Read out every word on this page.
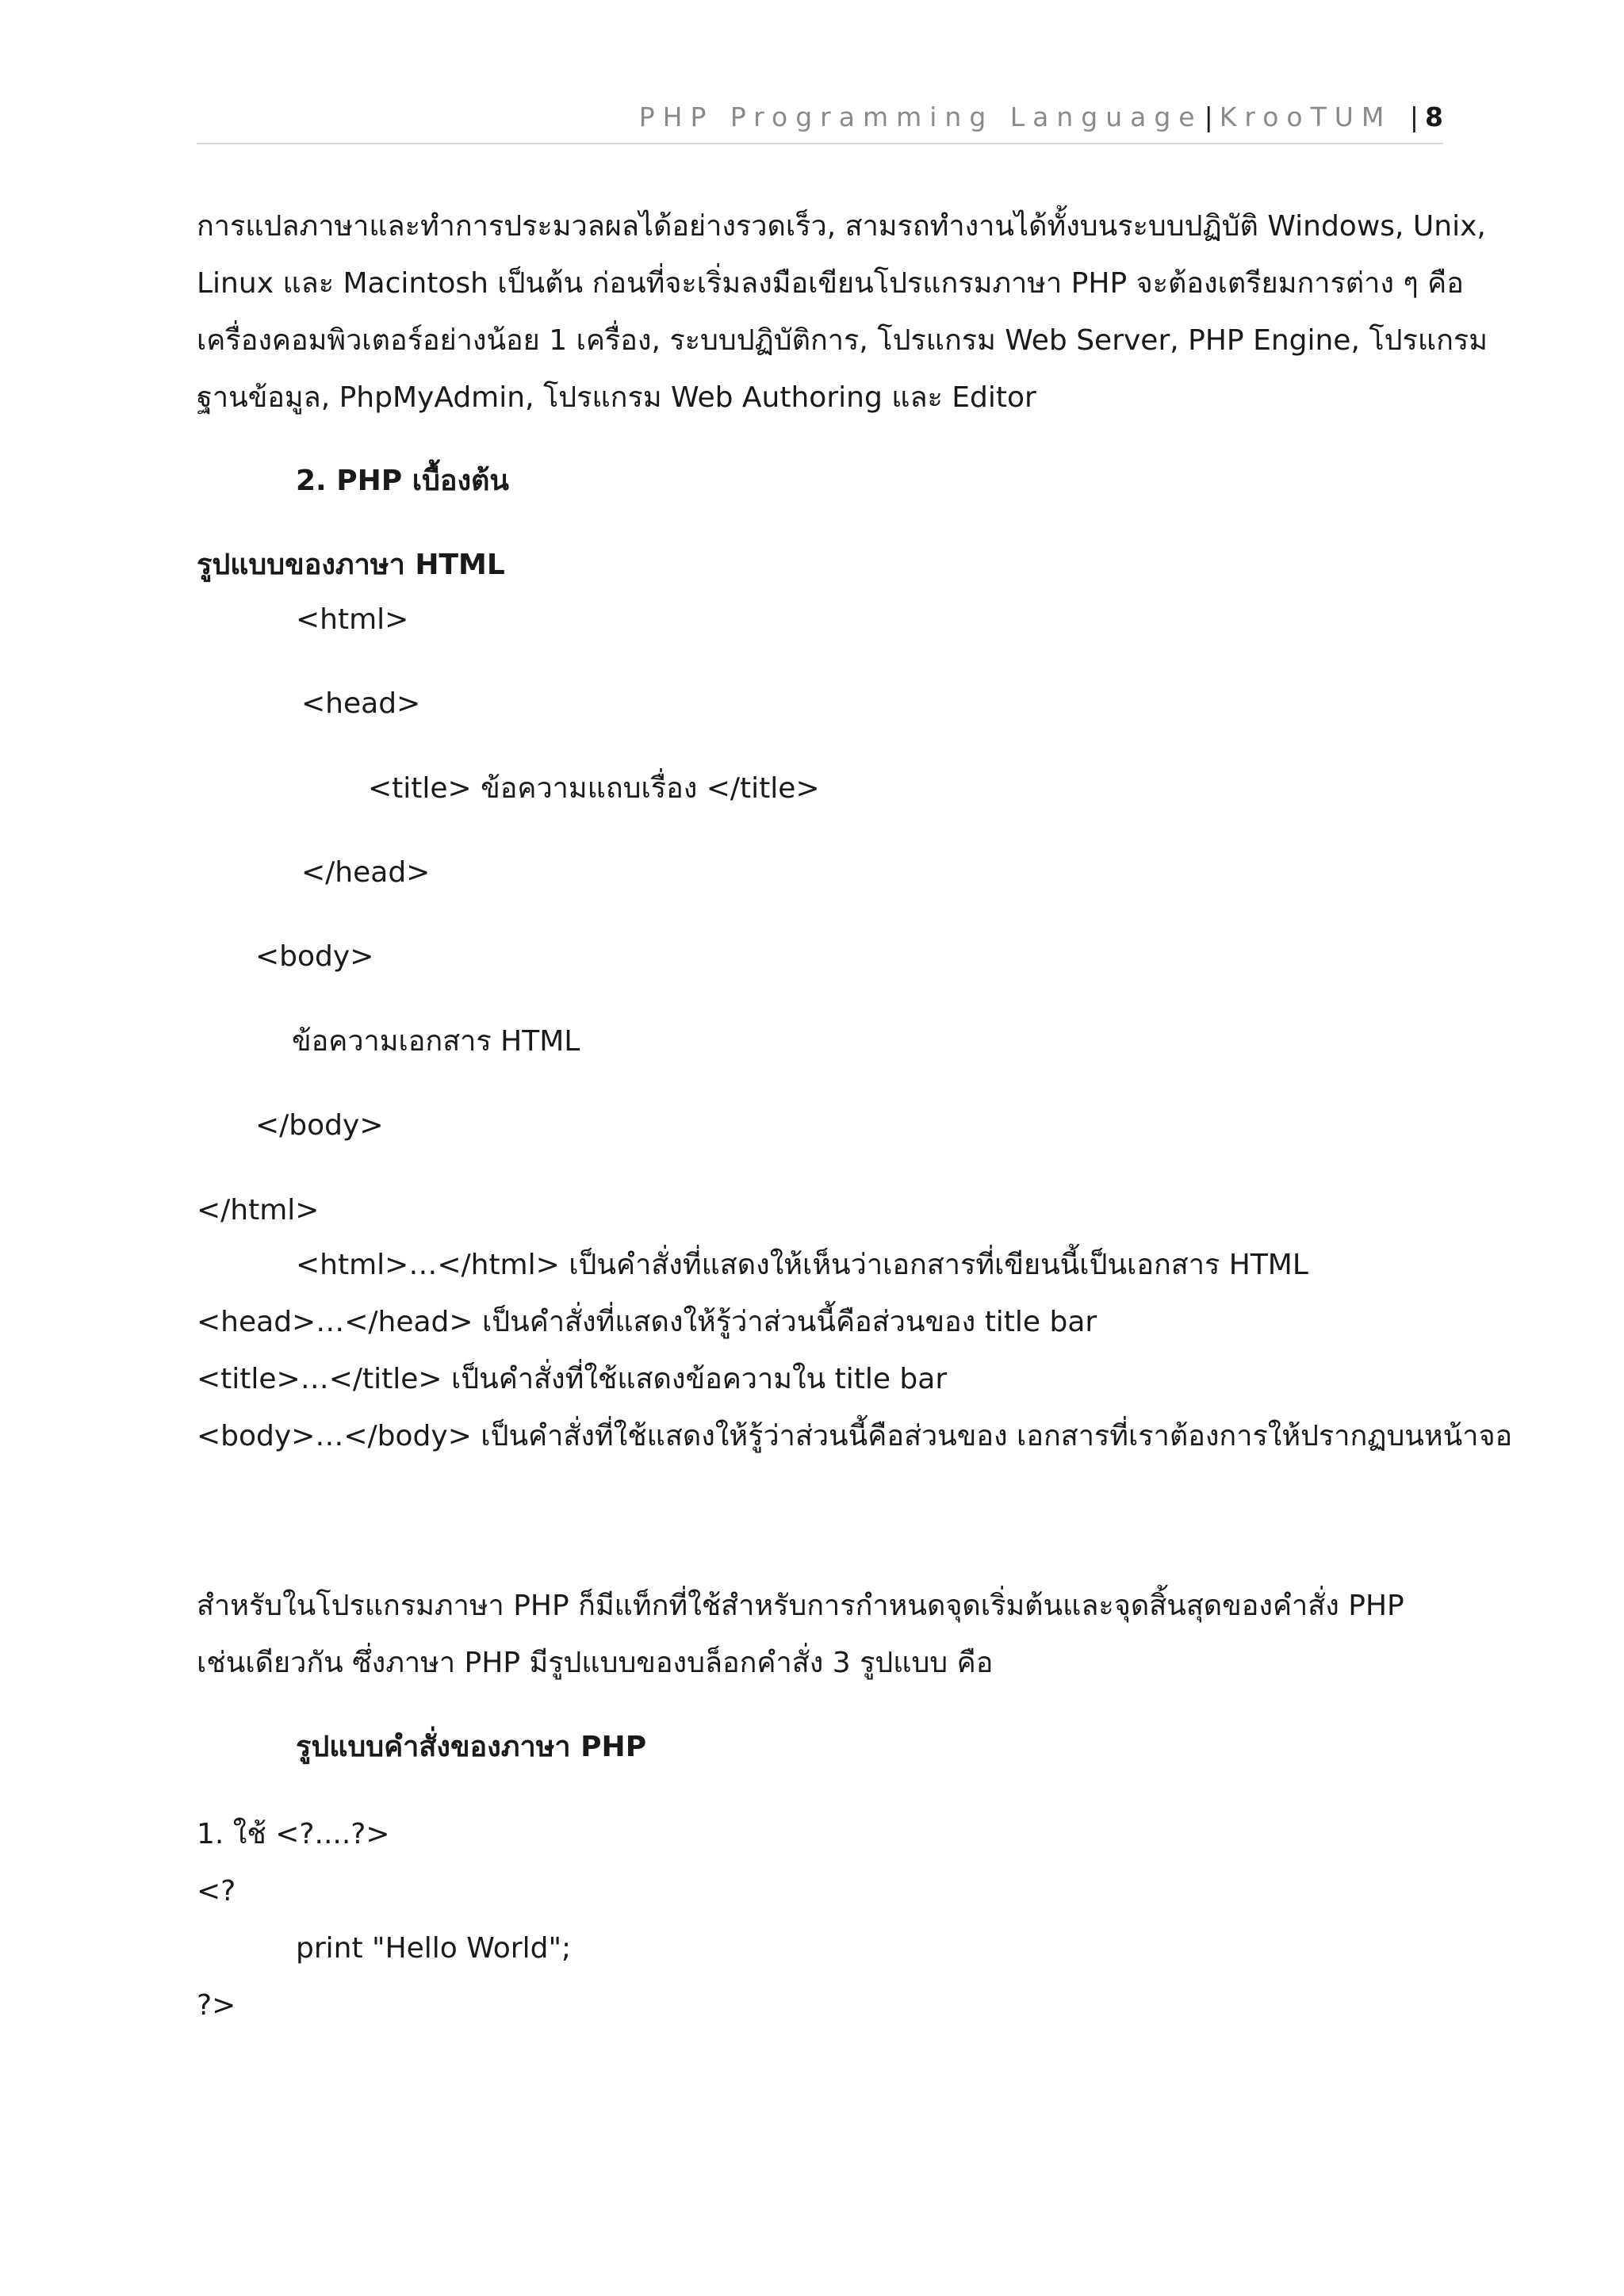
PHP Programming Language| KrooTUM | 8
การแปลภาษาและทำการประมวลผลได้อย่างรวดเร็ว, สามรถทำงานได้ทั้งบนระบบปฏิบัติ Windows, Unix,
Linux และ Macintosh เป็นต้น ก่อนที่จะเริ่มลงมือเขียนโปรแกรมภาษา PHP จะต้องเตรียมการต่าง ๆ คือ
เครื่องคอมพิวเตอร์อย่างน้อย 1 เครื่อง, ระบบปฏิบัติการ, โปรแกรม Web Server, PHP Engine, โปรแกรม
ฐานข้อมูล, PhpMyAdmin, โปรแกรม Web Authoring และ Editor
2. PHP เบื้องต้น
รูปแบบของภาษา HTML
<html>
<head>
<title> ข้อความแถบเรื่อง </title>
</head>
<body>
ข้อความเอกสาร HTML
</body>
</html>
<html>…</html> เป็นคำสั่งที่แสดงให้เห็นว่าเอกสารที่เขียนนี้เป็นเอกสาร HTML
<head>…</head> เป็นคำสั่งที่แสดงให้รู้ว่าส่วนนี้คือส่วนของ title bar
<title>…</title> เป็นคำสั่งที่ใช้แสดงข้อความใน title bar
<body>…</body> เป็นคำสั่งที่ใช้แสดงให้รู้ว่าส่วนนี้คือส่วนของ เอกสารที่เราต้องการให้ปรากฏบนหน้าจอ
สำหรับในโปรแกรมภาษา PHP ก็มีแท็กที่ใช้สำหรับการกำหนดจุดเริ่มต้นและจุดสิ้นสุดของคำสั่ง PHP
เช่นเดียวกัน ซึ่งภาษา PHP มีรูปแบบของบล็อกคำสั่ง 3 รูปแบบ คือ
รูปแบบคำสั่งของภาษา PHP
1. ใช้ <?....?>
<?
print "Hello World";
?>
